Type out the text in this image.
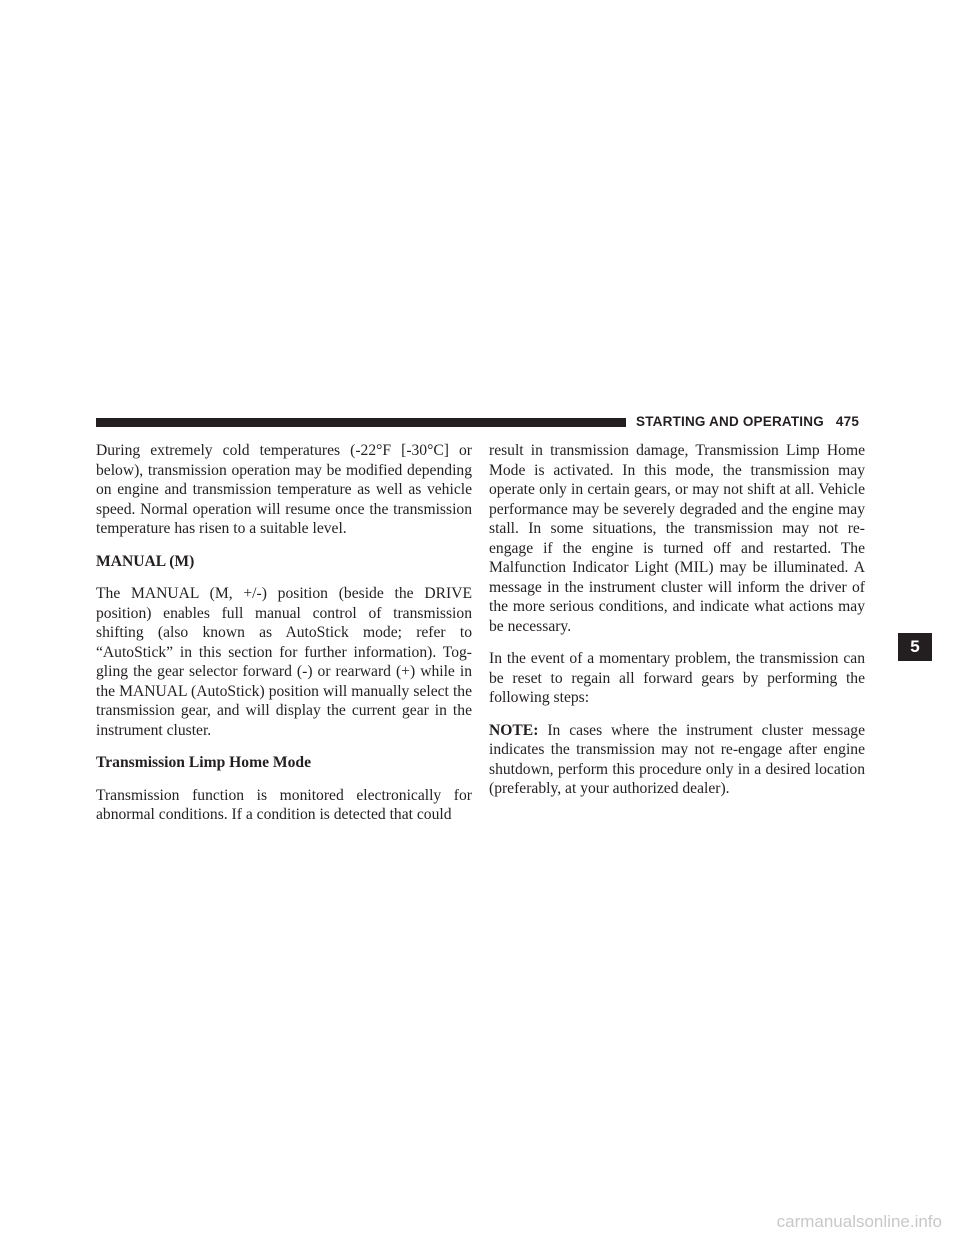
STARTING AND OPERATING 475

During extremely cold temperatures (-22°F [-30°C] or below), transmission operation may be modified depending on engine and transmission temperature as well as vehicle speed. Normal operation will resume once the transmission temperature has risen to a suitable level.

MANUAL (M)

The MANUAL (M, +/-) position (beside the DRIVE position) enables full manual control of transmission shifting (also known as AutoStick mode; refer to “AutoStick” in this section for further information). Toggling the gear selector forward (-) or rearward (+) while in the MANUAL (AutoStick) position will manually select the transmission gear, and will display the current gear in the instrument cluster.

Transmission Limp Home Mode

Transmission function is monitored electronically for abnormal conditions. If a condition is detected that could

result in transmission damage, Transmission Limp Home Mode is activated. In this mode, the transmission may operate only in certain gears, or may not shift at all. Vehicle performance may be severely degraded and the engine may stall. In some situations, the transmission may not re-engage if the engine is turned off and restarted. The Malfunction Indicator Light (MIL) may be illuminated. A message in the instrument cluster will inform the driver of the more serious conditions, and indicate what actions may be necessary.

In the event of a momentary problem, the transmission can be reset to regain all forward gears by performing the following steps:

NOTE: In cases where the instrument cluster message indicates the transmission may not re-engage after engine shutdown, perform this procedure only in a desired location (preferably, at your authorized dealer).

5
carmanualsonline.info
